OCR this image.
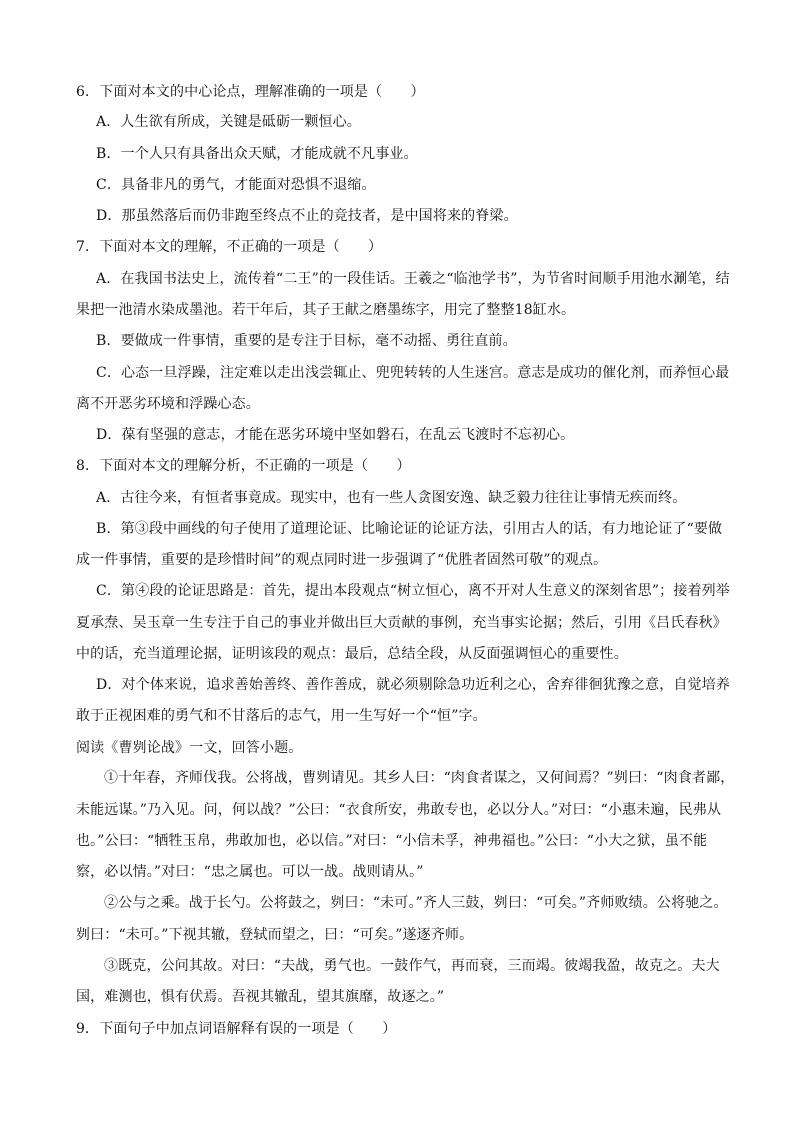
6．下面对本文的中心论点，理解准确的一项是（　　）
A．人生欲有所成，关键是砥砺一颗恒心。
B．一个人只有具备出众天赋，才能成就不凡事业。
C．具备非凡的勇气，才能面对恐惧不退缩。
D．那虽然落后而仍非跑至终点不止的竞技者，是中国将来的脊梁。
7．下面对本文的理解，不正确的一项是（　　）
A．在我国书法史上，流传着“二王”的一段佳话。王羲之“临池学书”，为节省时间顺手用池水涮笔，结
果把一池清水染成墨池。若干年后，其子王献之磨墨练字，用完了整整18缸水。
B．要做成一件事情，重要的是专注于目标，毫不动摇、勇往直前。
C．心态一旦浮躁，注定难以走出浅尝辄止、兜兜转转的人生迷宫。意志是成功的催化剂，而养恒心最
离不开恶劣环境和浮躁心态。
D．葆有坚强的意志，才能在恶劣环境中坚如磐石，在乱云飞渡时不忘初心。
8．下面对本文的理解分析，不正确的一项是（　　）
A．古往今来，有恒者事竟成。现实中，也有一些人贪图安逸、缺乏毅力往往让事情无疾而终。
B．第③段中画线的句子使用了道理论证、比喻论证的论证方法，引用古人的话，有力地论证了“要做
成一件事情，重要的是珍惜时间”的观点同时进一步强调了“优胜者固然可敬”的观点。
C．第④段的论证思路是：首先，提出本段观点“树立恒心，离不开对人生意义的深刻省思”；接着列举
夏承焘、吴玉章一生专注于自己的事业并做出巨大贡献的事例，充当事实论据；然后，引用《吕氏春秋》
中的话，充当道理论据，证明该段的观点：最后，总结全段，从反面强调恒心的重要性。
D．对个体来说，追求善始善终、善作善成，就必须剔除急功近利之心，舍弃徘徊犹豫之意，自觉培养
敢于正视困难的勇气和不甘落后的志气，用一生写好一个“恒”字。
阅读《曹刿论战》一文，回答小题。
①十年春，齐师伐我。公将战，曹刿请见。其乡人曰：“肉食者谋之，又何间焉？”刿曰：“肉食者鄙，
未能远谋。”乃入见。问，何以战？”公曰：“衣食所安，弗敢专也，必以分人。”对曰：“小惠未遍，民弗从
也。”公曰：“牺牲玉帛，弗敢加也，必以信。”对曰：“小信未孚，神弗福也。”公曰：“小大之狱，虽不能
察，必以情。”对曰：“忠之属也。可以一战。战则请从。”
②公与之乘。战于长勺。公将鼓之，刿曰：“未可。”齐人三鼓，刿曰：“可矣。”齐师败绩。公将驰之。
刿曰：“未可。”下视其辙，登轼而望之，曰：“可矣。”遂逐齐师。
③既克，公问其故。对曰：“夫战，勇气也。一鼓作气，再而衰，三而竭。彼竭我盈，故克之。夫大
国，难测也，惧有伏焉。吾视其辙乱，望其旗靡，故逐之。”
9．下面句子中加点词语解释有误的一项是（　　）
